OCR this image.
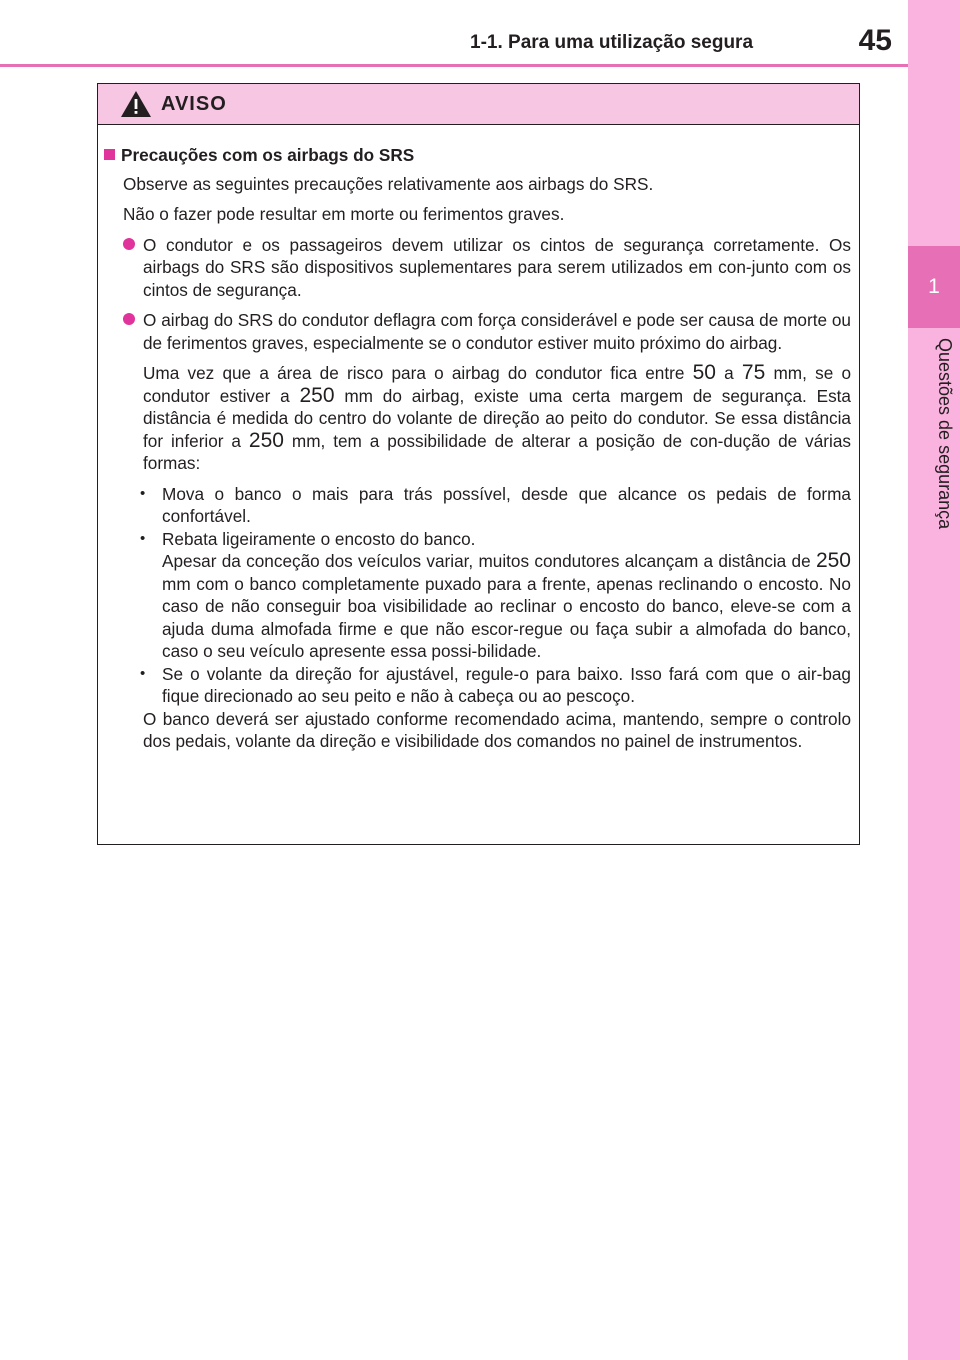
1-1. Para uma utilização segura	45
1
Questões de segurança
AVISO
Precauções com os airbags do SRS
Observe as seguintes precauções relativamente aos airbags do SRS.
Não o fazer pode resultar em morte ou ferimentos graves.
O condutor e os passageiros devem utilizar os cintos de segurança corretamente. Os airbags do SRS são dispositivos suplementares para serem utilizados em con-junto com os cintos de segurança.
O airbag do SRS do condutor deflagra com força considerável e pode ser causa de morte ou de ferimentos graves, especialmente se o condutor estiver muito próximo do airbag.
Uma vez que a área de risco para o airbag do condutor fica entre 50 a 75 mm, se o condutor estiver a 250 mm do airbag, existe uma certa margem de segurança. Esta distância é medida do centro do volante de direção ao peito do condutor. Se essa distância for inferior a 250 mm, tem a possibilidade de alterar a posição de con-dução de várias formas:
• Mova o banco o mais para trás possível, desde que alcance os pedais de forma confortável.
• Rebata ligeiramente o encosto do banco.
Apesar da conceção dos veículos variar, muitos condutores alcançam a distância de 250 mm com o banco completamente puxado para a frente, apenas reclinando o encosto. No caso de não conseguir boa visibilidade ao reclinar o encosto do banco, eleve-se com a ajuda duma almofada firme e que não escor-regue ou faça subir a almofada do banco, caso o seu veículo apresente essa possi-bilidade.
• Se o volante da direção for ajustável, regule-o para baixo. Isso fará com que o air-bag fique direcionado ao seu peito e não à cabeça ou ao pescoço.
O banco deverá ser ajustado conforme recomendado acima, mantendo, sempre o controlo dos pedais, volante da direção e visibilidade dos comandos no painel de instrumentos.
